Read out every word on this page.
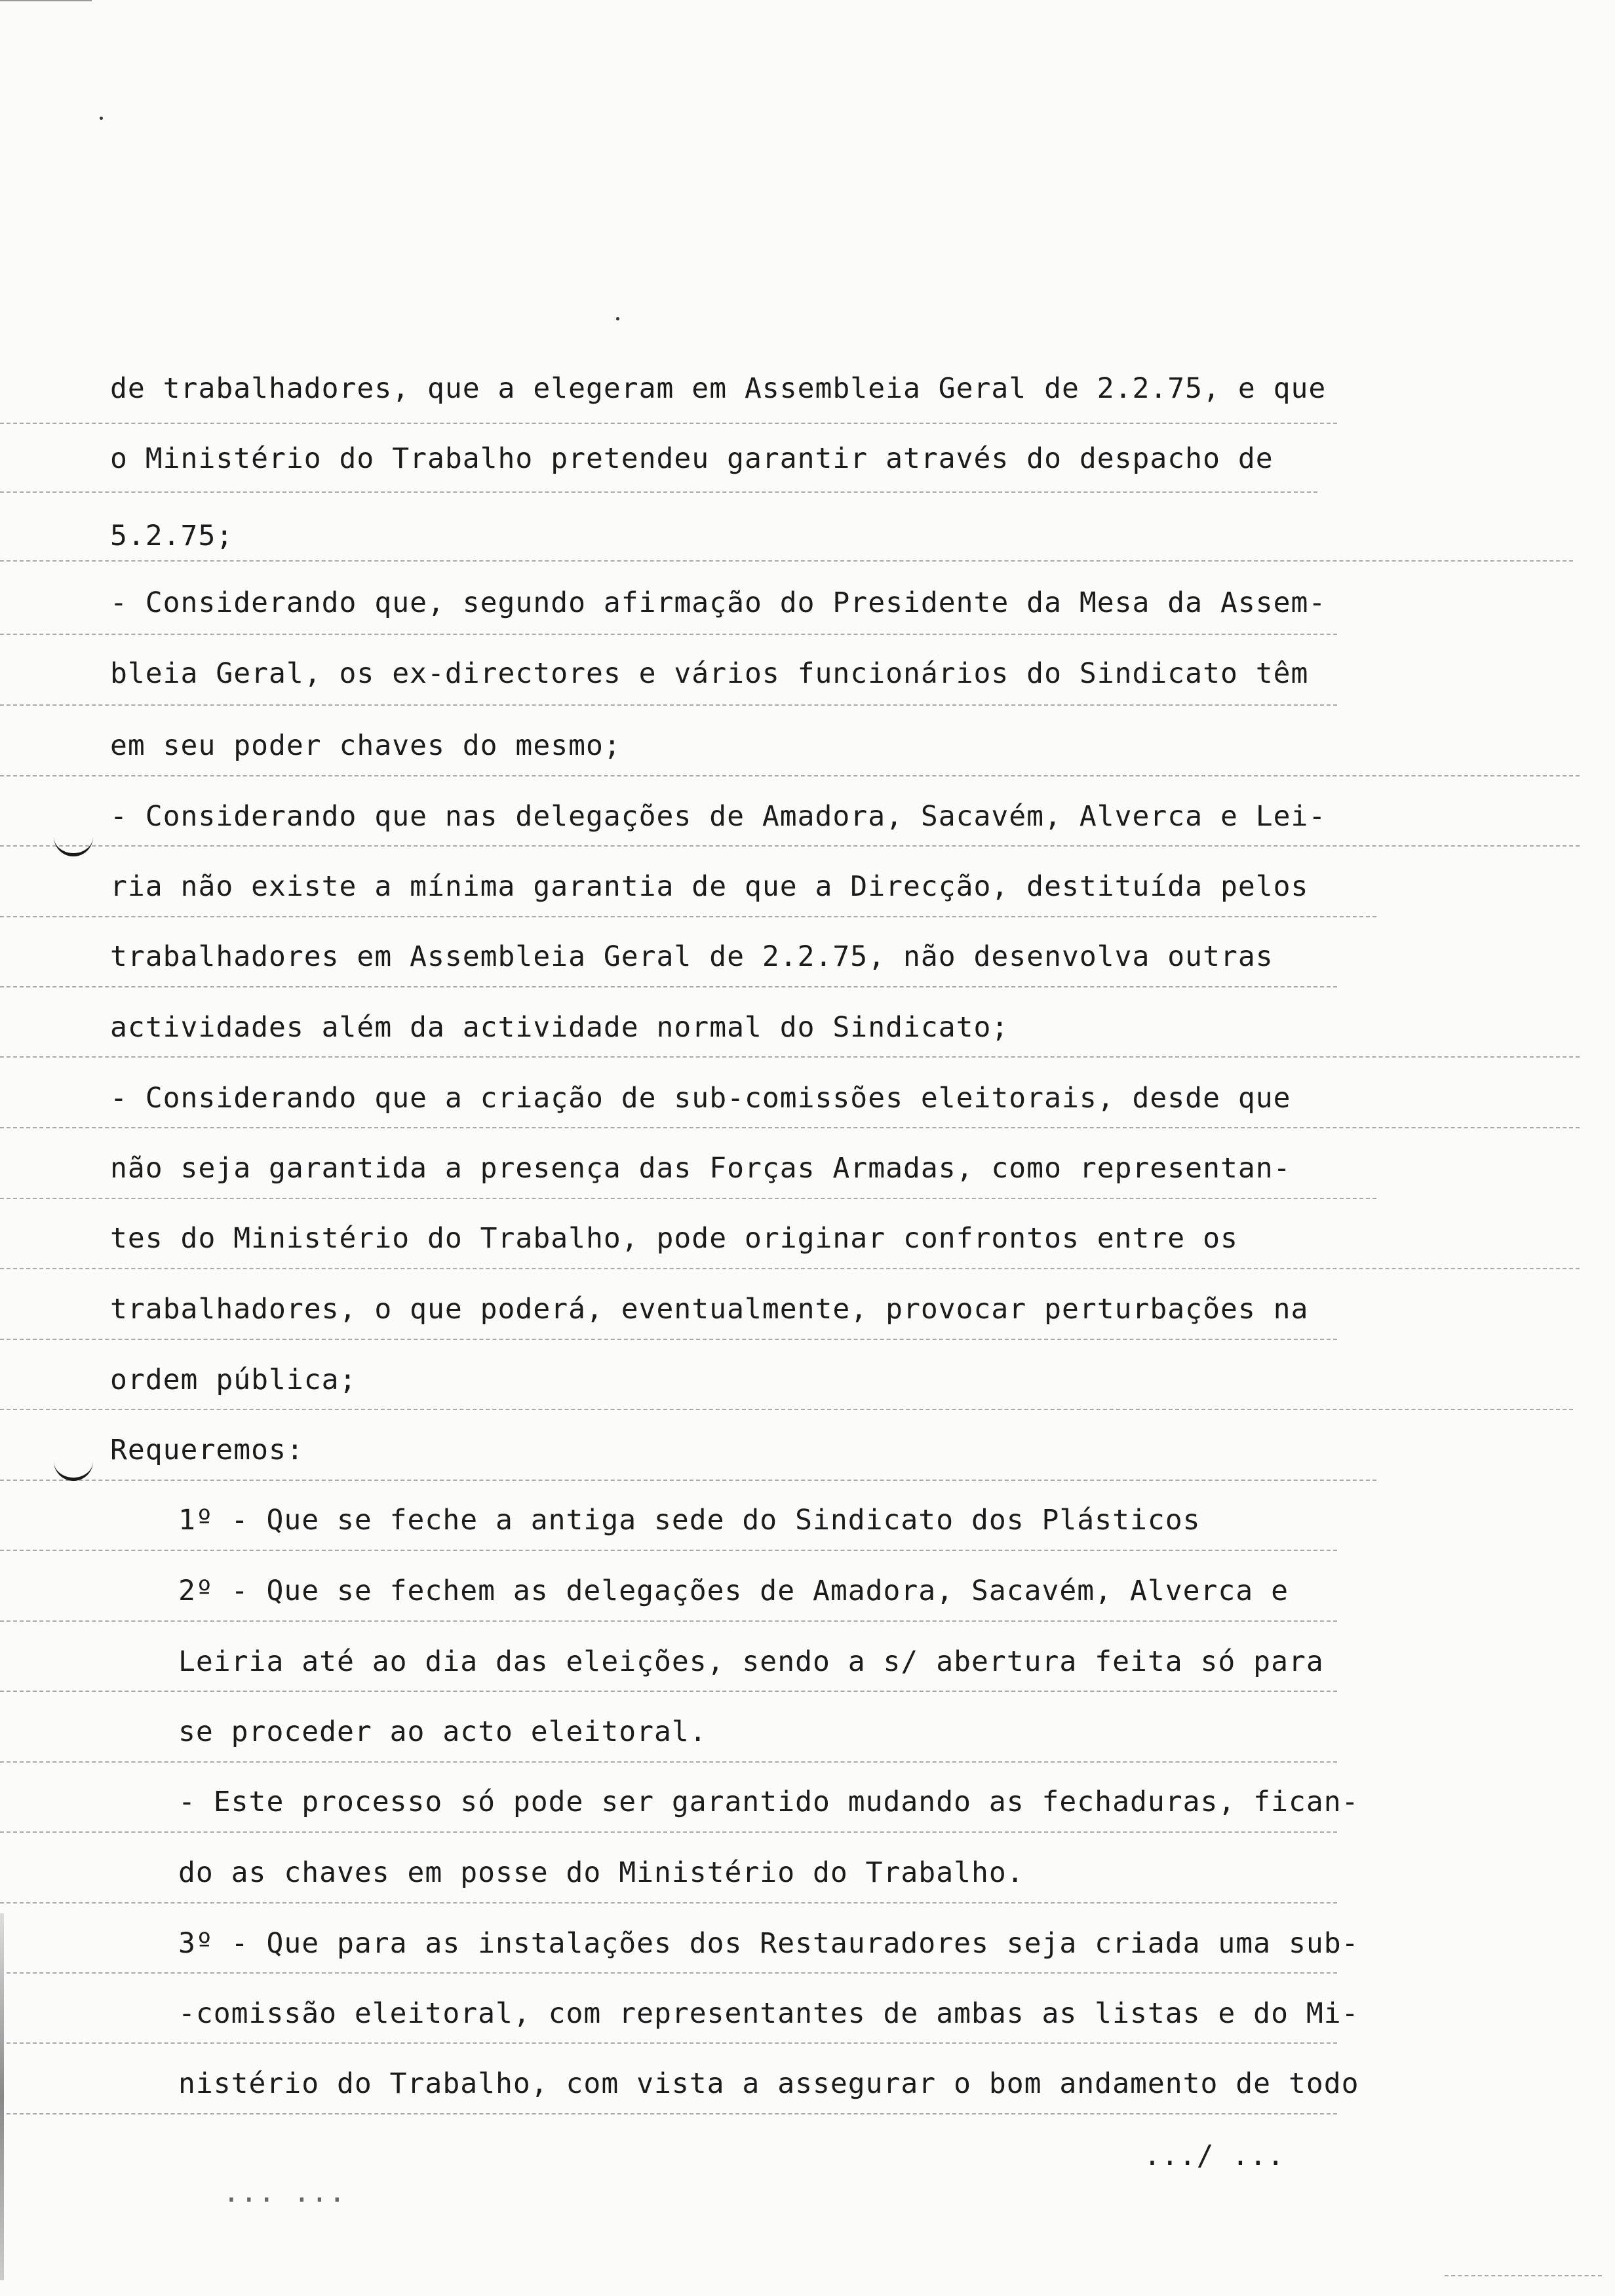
de trabalhadores, que a elegeram em Assembleia Geral de 2.2.75, e que
o Ministério do Trabalho pretendeu garantir através do despacho de
5.2.75;
- Considerando que, segundo afirmação do Presidente da Mesa da Assem-
bleia Geral, os ex-directores e vários funcionários do Sindicato têm
em seu poder chaves do mesmo;
- Considerando que nas delegações de Amadora, Sacavém, Alverca e Lei-
ria não existe a mínima garantia de que a Direcção, destituída pelos
trabalhadores em Assembleia Geral de 2.2.75, não desenvolva outras
actividades além da actividade normal do Sindicato;
- Considerando que a criação de sub-comissões eleitorais, desde que
não seja garantida a presença das Forças Armadas, como representan-
tes do Ministério do Trabalho, pode originar confrontos entre os
trabalhadores, o que poderá, eventualmente, provocar perturbações na
ordem pública;
Requeremos:
1º - Que se feche a antiga sede do Sindicato dos Plásticos
2º - Que se fechem as delegações de Amadora, Sacavém, Alverca e
Leiria até ao dia das eleições, sendo a s/ abertura feita só para
se proceder ao acto eleitoral.
- Este processo só pode ser garantido mudando as fechaduras, fican-
do as chaves em posse do Ministério do Trabalho.
3º - Que para as instalações dos Restauradores seja criada uma sub-
-comissão eleitoral, com representantes de ambas as listas e do Mi-
nistério do Trabalho, com vista a assegurar o bom andamento de todo
.../ ...
... ...
